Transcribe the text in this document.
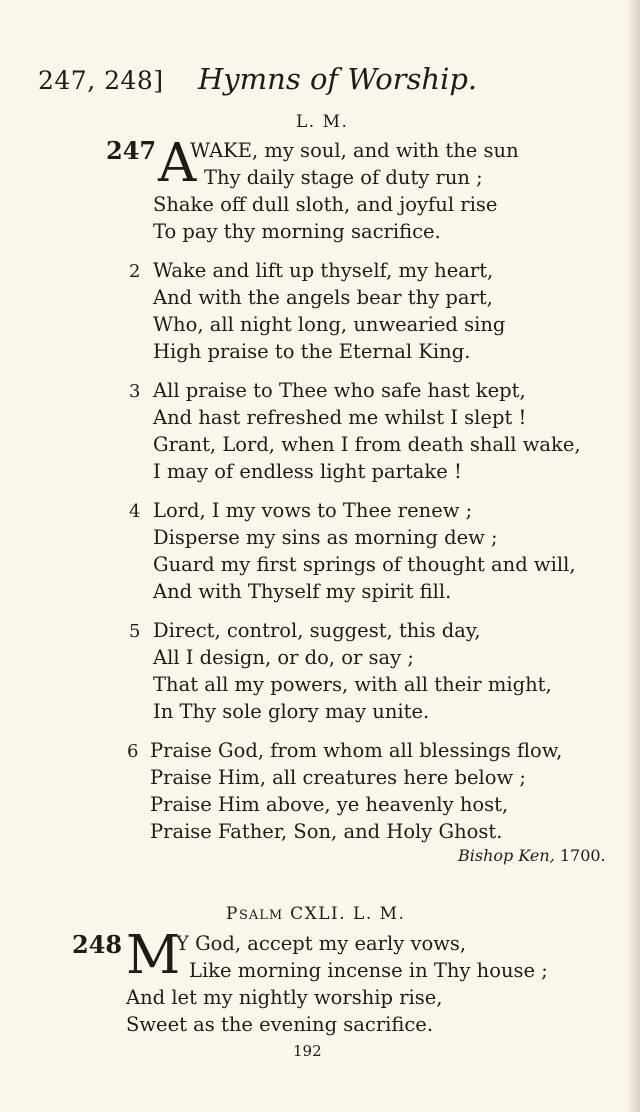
247, 248] Hymns of Worship.
L. M.
247 A
WAKE, my soul, and with the sun
Thy daily stage of duty run ;
Shake off dull sloth, and joyful rise
To pay thy morning sacrifice.
2 Wake and lift up thyself, my heart,
And with the angels bear thy part,
Who, all night long, unwearied sing
High praise to the Eternal King.
3 All praise to Thee who safe hast kept,
And hast refreshed me whilst I slept !
Grant, Lord, when I from death shall wake,
I may of endless light partake !
4 Lord, I my vows to Thee renew ;
Disperse my sins as morning dew ;
Guard my first springs of thought and will,
And with Thyself my spirit fill.
5 Direct, control, suggest, this day,
All I design, or do, or say ;
That all my powers, with all their might,
In Thy sole glory may unite.
6 Praise God, from whom all blessings flow,
Praise Him, all creatures here below ;
Praise Him above, ye heavenly host,
Praise Father, Son, and Holy Ghost.
Bishop Ken, 1700.
PSALM CXLI. L. M.
248 M
Y God, accept my early vows,
Like morning incense in Thy house ;
And let my nightly worship rise,
Sweet as the evening sacrifice.
192
